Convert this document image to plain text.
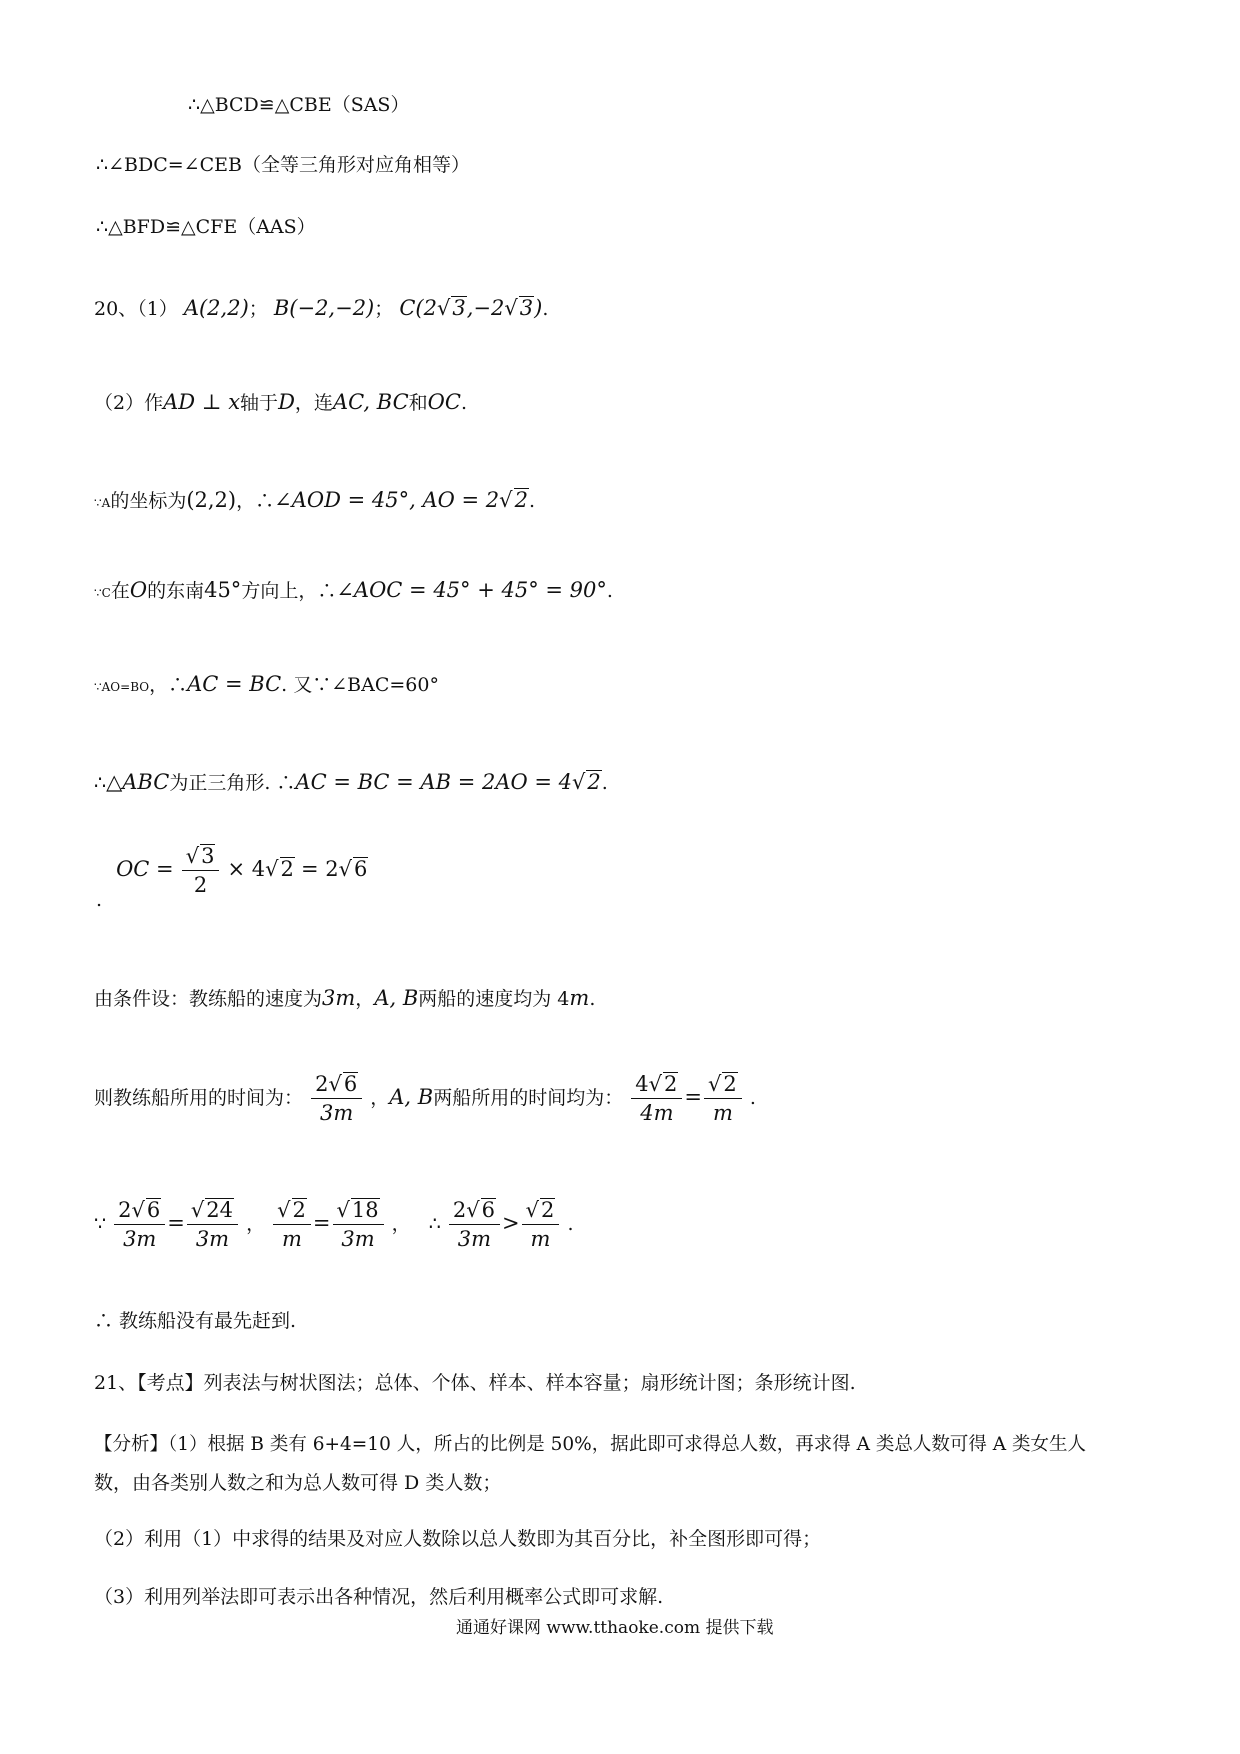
∴△BCD≌△CBE（SAS）
∴∠BDC=∠CEB（全等三角形对应角相等）
∴△BFD≌△CFE（AAS）
20、（1） A(2,2)； B(−2,−2)； C(2√3,−2√3).
（2）作AD ⊥ x轴于D，连AC, BC和OC.
∵A的坐标为(2,2)，∴∠AOD = 45°, AO = 2√2.
∵C在O的东南45°方向上，∴∠AOC = 45° + 45° = 90°.
∵AO=BO，∴AC = BC. 又∵∠BAC=60°
∴△ABC为正三角形. ∴AC = BC = AB = 2AO = 4√2.
. OC = $\frac{√3}{2} \times 4√2 = 2√6$
由条件设：教练船的速度为3m，A, B两船的速度均为 4m.
则教练船所用的时间为： $\frac{2√6}{3m}$ ，A, B两船所用的时间均为： $\frac{4√2}{4m} = \frac{√2}{m}$ .
∵ $\frac{2√6}{3m} = \frac{√24}{3m}$ ， $\frac{√2}{m} = \frac{√18}{3m}$ ， ∴ $\frac{2√6}{3m} > \frac{√2}{m}$ .
∴ 教练船没有最先赶到.
21、【考点】列表法与树状图法；总体、个体、样本、样本容量；扇形统计图；条形统计图.
【分析】（1）根据 B 类有 6+4=10 人，所占的比例是 50%，据此即可求得总人数，再求得 A 类总人数可得 A 类女生人
数，由各类别人数之和为总人数可得 D 类人数；
（2）利用（1）中求得的结果及对应人数除以总人数即为其百分比，补全图形即可得；
（3）利用列举法即可表示出各种情况，然后利用概率公式即可求解.
通通好课网 www.tthaoke.com 提供下载
